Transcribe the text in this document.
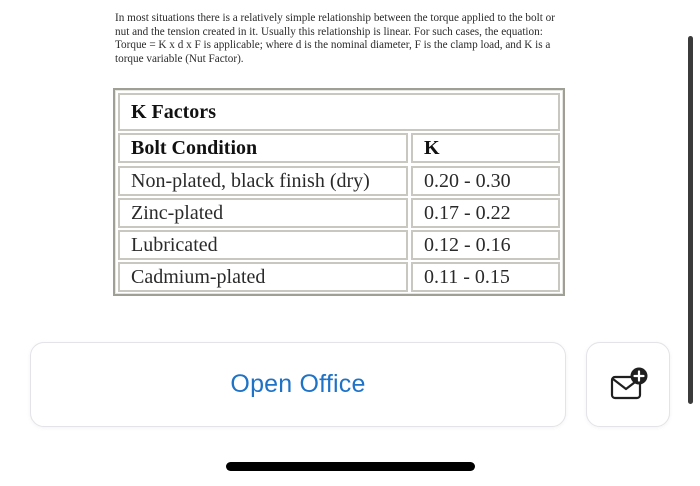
In most situations there is a relatively simple relationship between the torque applied to the bolt or
nut and the tension created in it. Usually this relationship is linear. For such cases, the equation:
Torque = K x d x F is applicable; where d is the nominal diameter, F is the clamp load, and K is a
torque variable (Nut Factor).
K Factors
Bolt Condition	K
Non-plated, black finish (dry)	0.20 - 0.30
Zinc-plated	0.17 - 0.22
Lubricated	0.12 - 0.16
Cadmium-plated	0.11 - 0.15
Open Office
